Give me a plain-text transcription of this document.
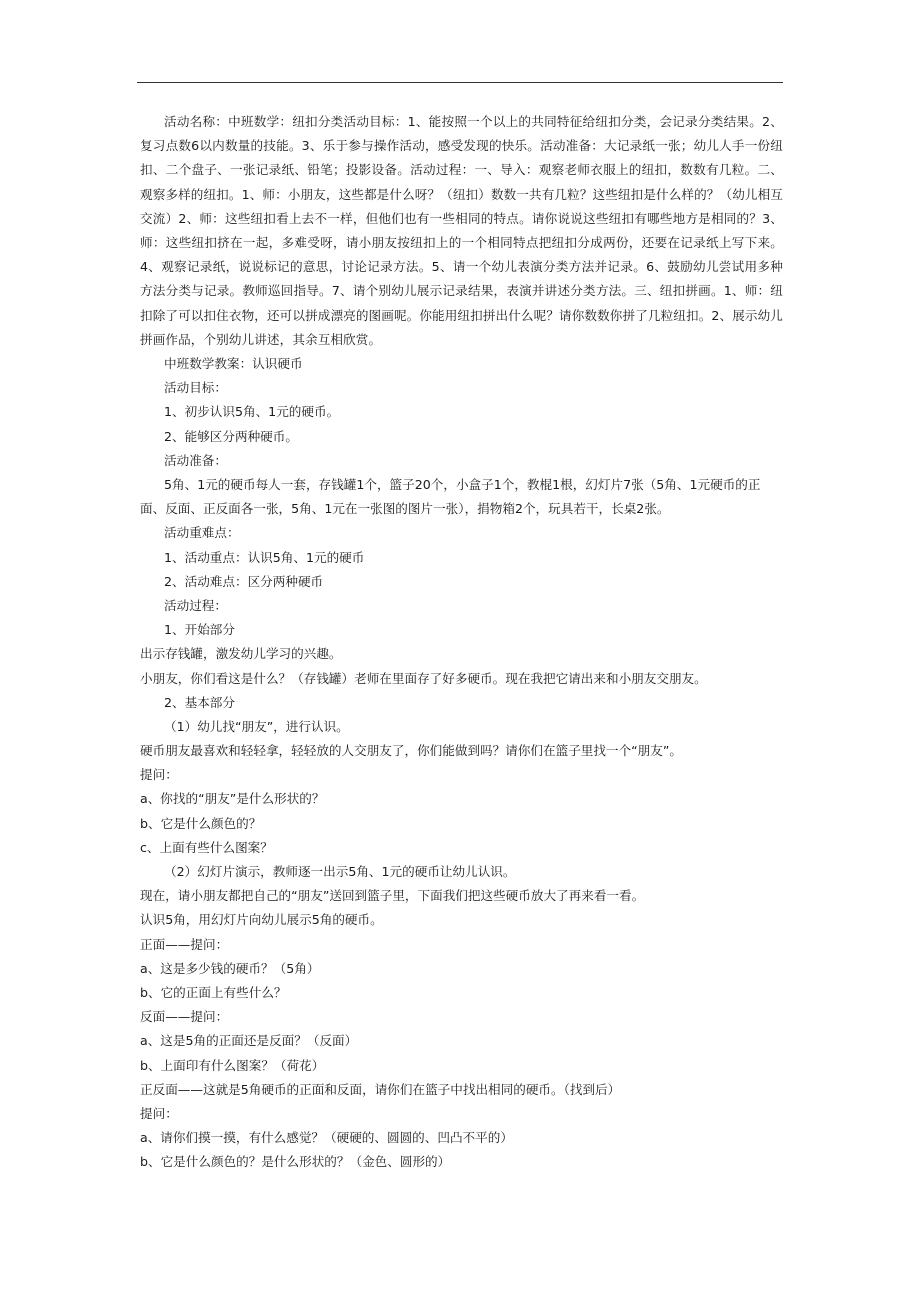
活动名称：中班数学：纽扣分类活动目标：1、能按照一个以上的共同特征给纽扣分类，会记录分类结果。2、复习点数6以内数量的技能。3、乐于参与操作活动，感受发现的快乐。活动准备：大记录纸一张；幼儿人手一份纽扣、二个盘子、一张记录纸、铅笔；投影设备。活动过程：一、导入：观察老师衣服上的纽扣，数数有几粒。二、观察多样的纽扣。1、师：小朋友，这些都是什么呀？（纽扣）数数一共有几粒？这些纽扣是什么样的？（幼儿相互交流）2、师：这些纽扣看上去不一样，但他们也有一些相同的特点。请你说说这些纽扣有哪些地方是相同的？3、师：这些纽扣挤在一起，多难受呀，请小朋友按纽扣上的一个相同特点把纽扣分成两份，还要在记录纸上写下来。4、观察记录纸，说说标记的意思，讨论记录方法。5、请一个幼儿表演分类方法并记录。6、鼓励幼儿尝试用多种方法分类与记录。教师巡回指导。7、请个别幼儿展示记录结果，表演并讲述分类方法。三、纽扣拼画。1、师：纽扣除了可以扣住衣物，还可以拼成漂亮的图画呢。你能用纽扣拼出什么呢？请你数数你拼了几粒纽扣。2、展示幼儿拼画作品，个别幼儿讲述，其余互相欣赏。

中班数学教案：认识硬币
活动目标：
1、初步认识5角、1元的硬币。
2、能够区分两种硬币。
活动准备：
5角、1元的硬币每人一套，存钱罐1个，篮子20个，小盒子1个，教棍1根，幻灯片7张（5角、1元硬币的正面、反面、正反面各一张，5角、1元在一张图的图片一张），捐物箱2个，玩具若干，长桌2张。
活动重难点：
1、活动重点：认识5角、1元的硬币
2、活动难点：区分两种硬币
活动过程：
1、开始部分
出示存钱罐，激发幼儿学习的兴趣。
小朋友，你们看这是什么？（存钱罐）老师在里面存了好多硬币。现在我把它请出来和小朋友交朋友。
2、基本部分
（1）幼儿找“朋友”，进行认识。
硬币朋友最喜欢和轻轻拿，轻轻放的人交朋友了，你们能做到吗？请你们在篮子里找一个“朋友”。
提问：
a、你找的“朋友”是什么形状的？
b、它是什么颜色的？
c、上面有些什么图案？
（2）幻灯片演示，教师逐一出示5角、1元的硬币让幼儿认识。
现在，请小朋友都把自己的“朋友”送回到篮子里，下面我们把这些硬币放大了再来看一看。
认识5角，用幻灯片向幼儿展示5角的硬币。
正面——提问：
a、这是多少钱的硬币？（5角）
b、它的正面上有些什么？
反面——提问：
a、这是5角的正面还是反面？（反面）
b、上面印有什么图案？（荷花）
正反面——这就是5角硬币的正面和反面，请你们在篮子中找出相同的硬币。（找到后）
提问：
a、请你们摸一摸，有什么感觉？（硬硬的、圆圆的、凹凸不平的）
b、它是什么颜色的？是什么形状的？（金色、圆形的）
